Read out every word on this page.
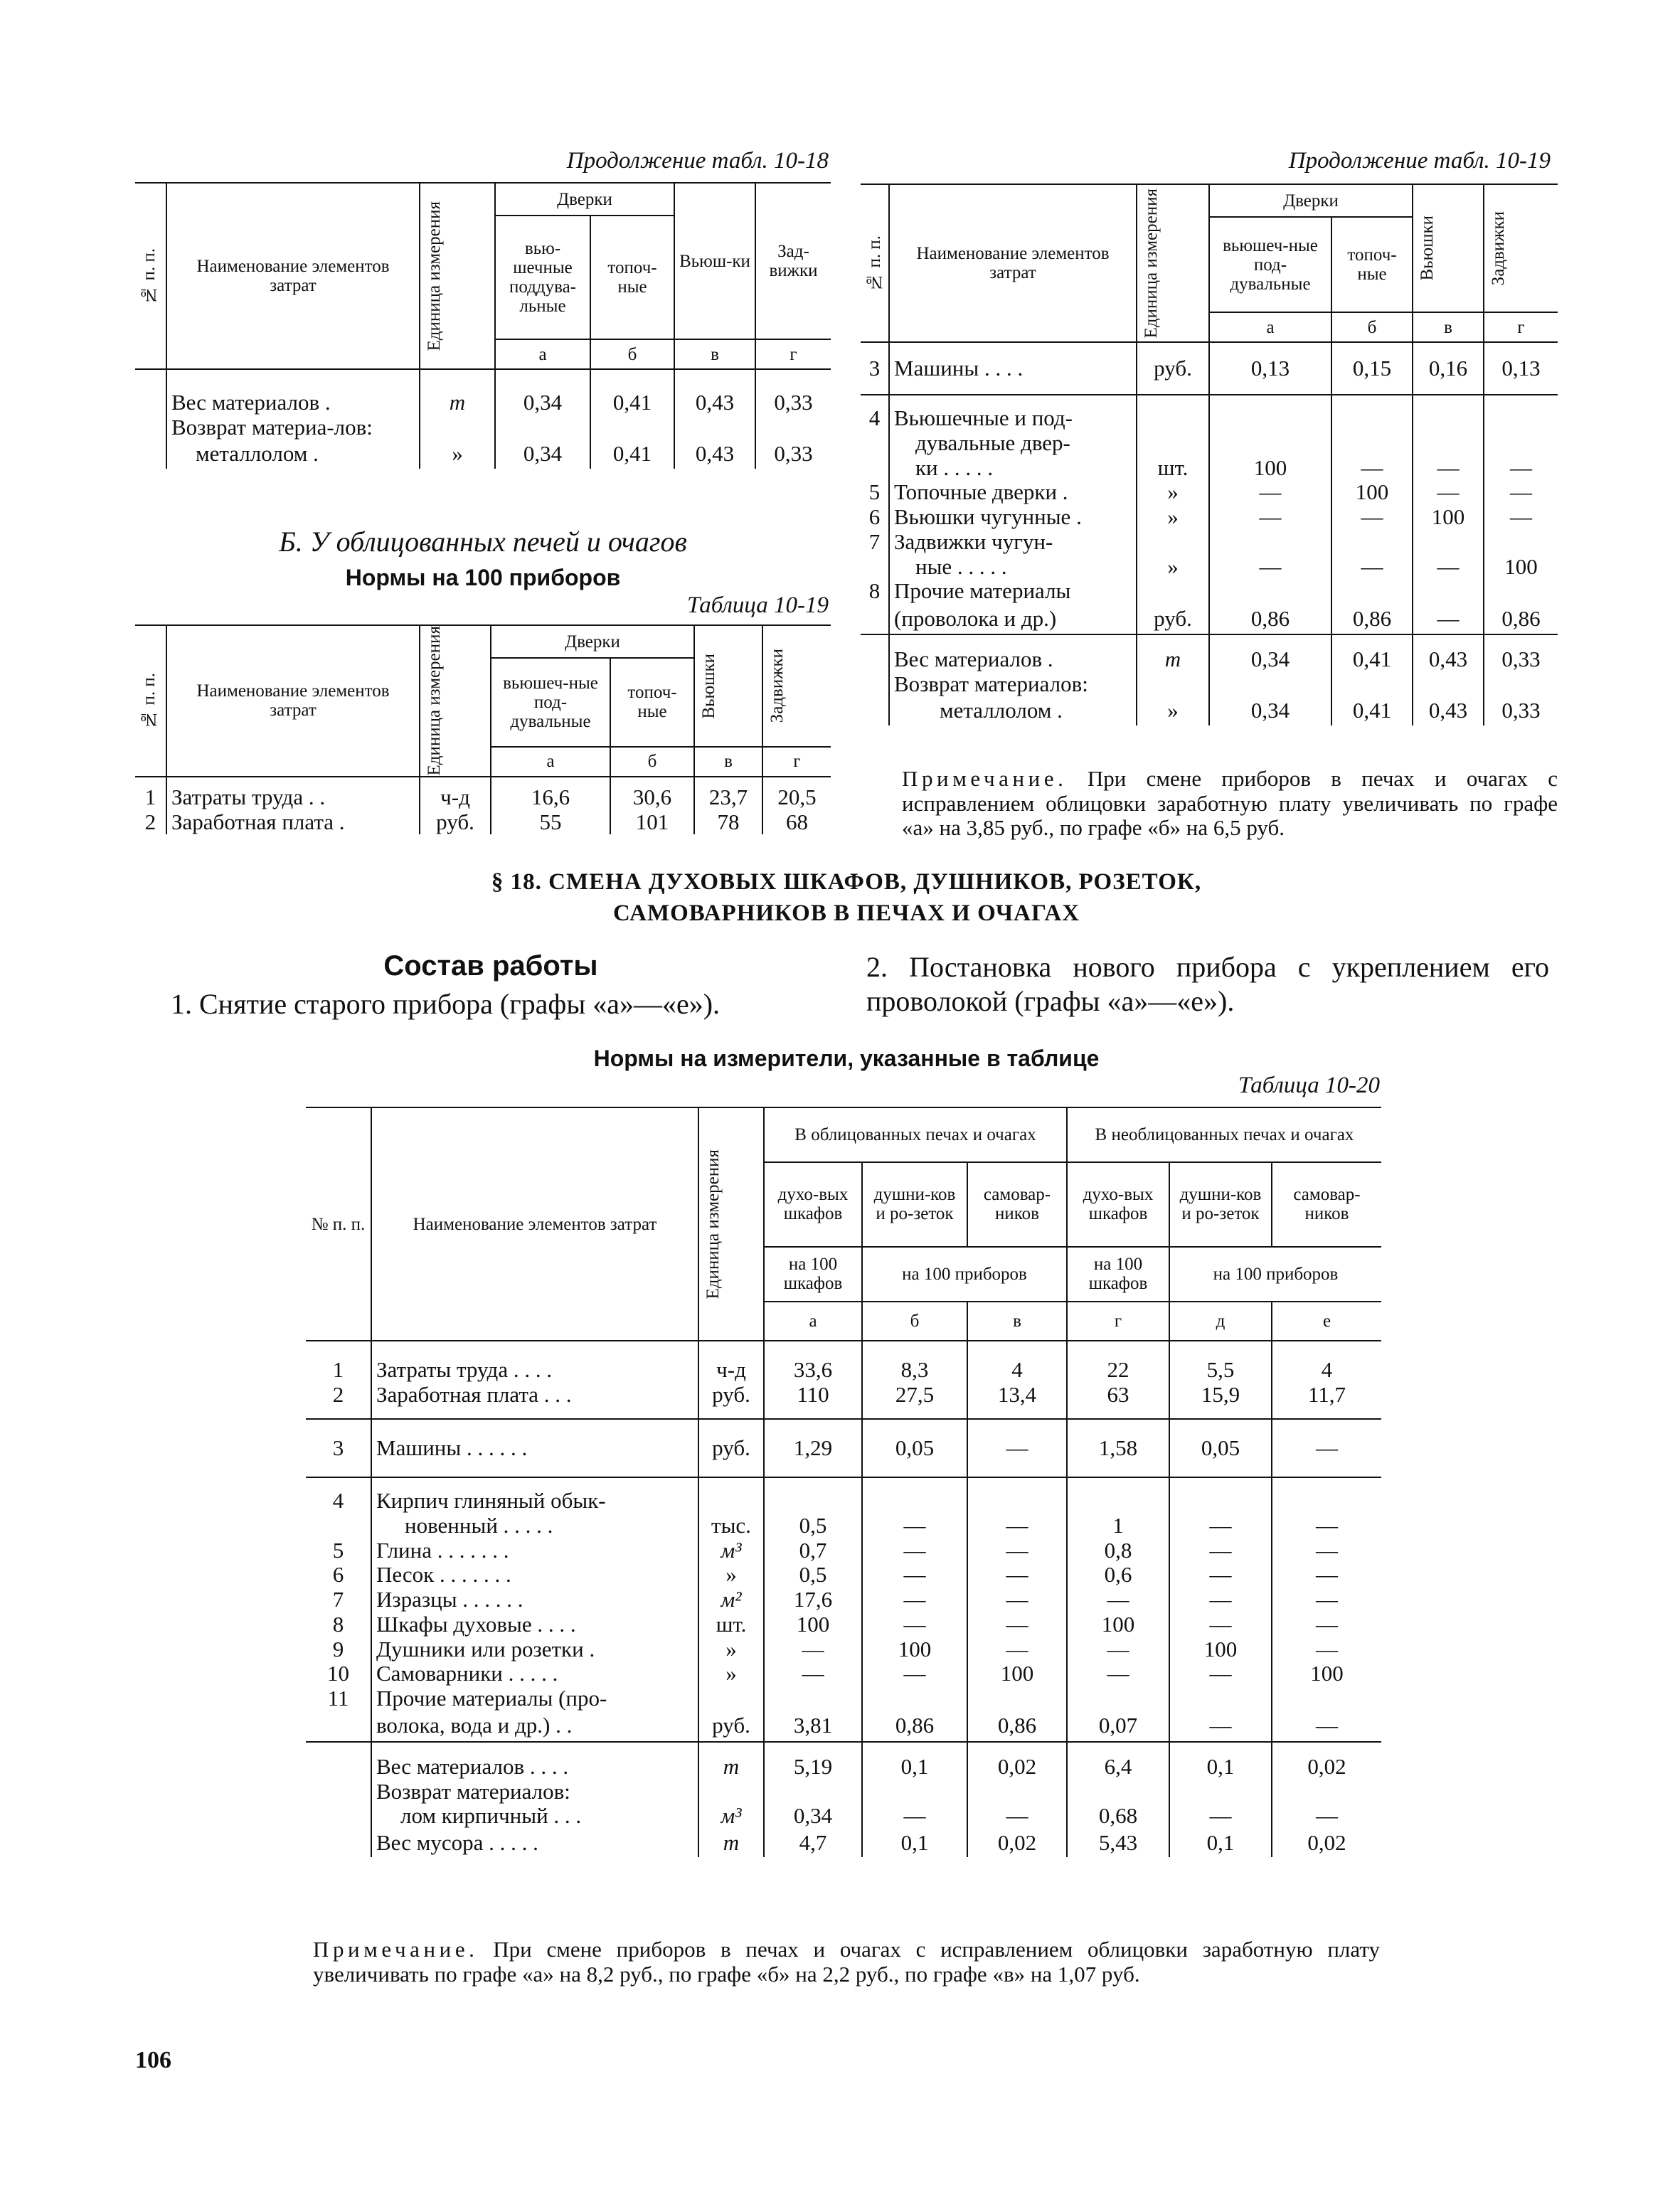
Продолжение табл. 10-18
№ п. п.	Наименование элементов затрат	Единица измерения	Дверки		Вьюш-ки	Зад-вижки
			вью-шечные поддува-льные	топоч-ные		
			а	б	в	г
	Вес материалов .	т	0,34	0,41	0,43	0,33
	Возврат материа-лов:					
	металлолом .	»	0,34	0,41	0,43	0,33
Б. У облицованных печей и очагов
Нормы на 100 приборов
Таблица 10-19
№ п. п.	Наименование элементов затрат	Единица измерения	Дверки		Вьюшки	Задвижки

			вьюшеч-ные под-дувальные	топоч-ные		
			а	б	в	г
1	Затраты труда . .	ч-д	16,6	30,6	23,7	20,5
2	Заработная плата .	руб.	55	101	78	68
Продолжение табл. 10-19
№ п. п.	Наименование элементов затрат	Единица измерения	Дверки		Вьюшки	Задвижки

			вьюшеч-ные под-дувальные	топоч-ные		
			а	б	в	г
3	Машины . . . .	руб.	0,13	0,15	0,16	0,13
4	Вьюшечные и под-					
	дувальные двер-					
	ки . . . . .	шт.	100	—	—	—
5	Топочные дверки .	»	—	100	—	—
6	Вьюшки чугунные .	»	—	—	100	—
7	Задвижки чугун-					
	ные . . . . .	»	—	—	—	100
8	Прочие материалы					
	(проволока и др.)	руб.	0,86	0,86	—	0,86
	Вес материалов .	т	0,34	0,41	0,43	0,33
	Возврат материалов:					
	металлолом .	»	0,34	0,41	0,43	0,33
Примечание. При смене приборов в печах и очагах с исправлением облицовки заработную плату увеличивать по графе «а» на 3,85 руб., по графе «б» на 6,5 руб.
§ 18. СМЕНА ДУХОВЫХ ШКАФОВ, ДУШНИКОВ, РОЗЕТОК,
САМОВАРНИКОВ В ПЕЧАХ И ОЧАГАХ
Состав работы
1. Снятие старого прибора (графы «а»—«е»).
2. Постановка нового прибора с укреплением его проволокой (графы «а»—«е»).
Нормы на измерители, указанные в таблице
Таблица 10-20
№ п. п.	Наименование элементов затрат	Единица измерения	В облицованных печах и очагах			В необлицованных печах и очагах		
			духо-вых шкафов	душни-ков и ро-зеток	самовар-ников	духо-вых шкафов	душни-ков и ро-зеток	самовар-ников
			на 100 шкафов	на 100 приборов		на 100 шкафов	на 100 приборов	
			а	б	в	г	д	е
1	Затраты труда . . . .	ч-д	33,6	8,3	4	22	5,5	4
2	Заработная плата . . .	руб.	110	27,5	13,4	63	15,9	11,7
3	Машины . . . . . .	руб.	1,29	0,05	—	1,58	0,05	—
4	Кирпич глиняный обык-							
	новенный . . . . .	тыс.	0,5	—	—	1	—	—
5	Глина . . . . . . .	м³	0,7	—	—	0,8	—	—
6	Песок . . . . . . .	»	0,5	—	—	0,6	—	—
7	Изразцы . . . . . .	м²	17,6	—	—	—	—	—
8	Шкафы духовые . . . .	шт.	100	—	—	100	—	—
9	Душники или розетки .	»	—	100	—	—	100	—
10	Самоварники . . . . .	»	—	—	100	—	—	100
11	Прочие материалы (про-							
	волока, вода и др.) . .	руб.	3,81	0,86	0,86	0,07	—	—
	Вес материалов . . . .	т	5,19	0,1	0,02	6,4	0,1	0,02
	Возврат материалов:							
	лом кирпичный . . .	м³	0,34	—	—	0,68	—	—
	Вес мусора . . . . .	т	4,7	0,1	0,02	5,43	0,1	0,02
Примечание. При смене приборов в печах и очагах с исправлением облицовки заработную плату увеличивать по графе «а» на 8,2 руб., по графе «б» на 2,2 руб., по графе «в» на 1,07 руб.
106
